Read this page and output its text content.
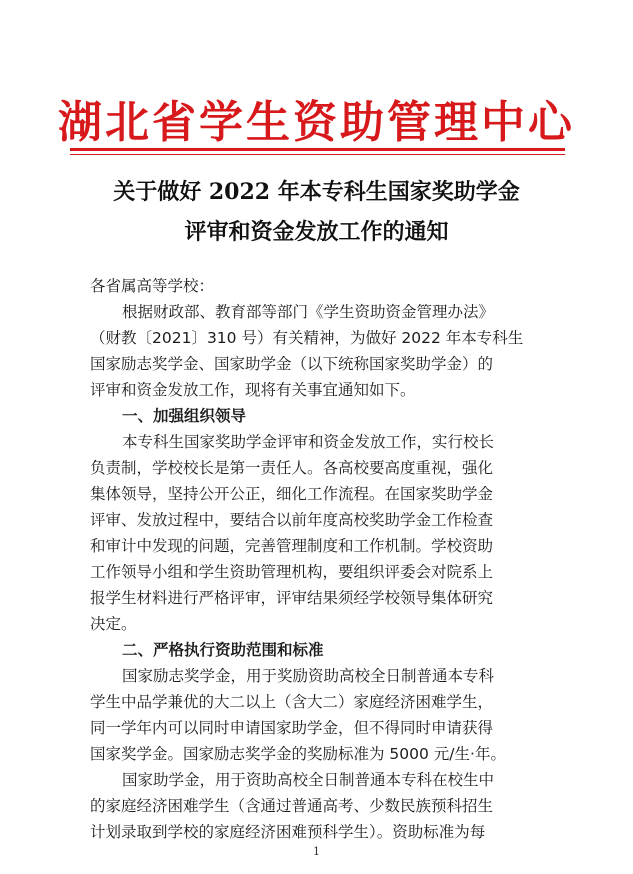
湖北省学生资助管理中心
关于做好 2022 年本专科生国家奖助学金
评审和资金发放工作的通知
各省属高等学校：
根据财政部、教育部等部门《学生资助资金管理办法》
（财教〔2021〕310 号）有关精神，为做好 2022 年本专科生
国家励志奖学金、国家助学金（以下统称国家奖助学金）的
评审和资金发放工作，现将有关事宜通知如下。
一、加强组织领导
本专科生国家奖助学金评审和资金发放工作，实行校长
负责制，学校校长是第一责任人。各高校要高度重视，强化
集体领导，坚持公开公正，细化工作流程。在国家奖助学金
评审、发放过程中，要结合以前年度高校奖助学金工作检查
和审计中发现的问题，完善管理制度和工作机制。学校资助
工作领导小组和学生资助管理机构，要组织评委会对院系上
报学生材料进行严格评审，评审结果须经学校领导集体研究
决定。
二、严格执行资助范围和标准
国家励志奖学金，用于奖励资助高校全日制普通本专科
学生中品学兼优的大二以上（含大二）家庭经济困难学生，
同一学年内可以同时申请国家助学金，但不得同时申请获得
国家奖学金。国家励志奖学金的奖励标准为 5000 元/生·年。
国家助学金，用于资助高校全日制普通本专科在校生中
的家庭经济困难学生（含通过普通高考、少数民族预科招生
计划录取到学校的家庭经济困难预科学生）。资助标准为每
1
